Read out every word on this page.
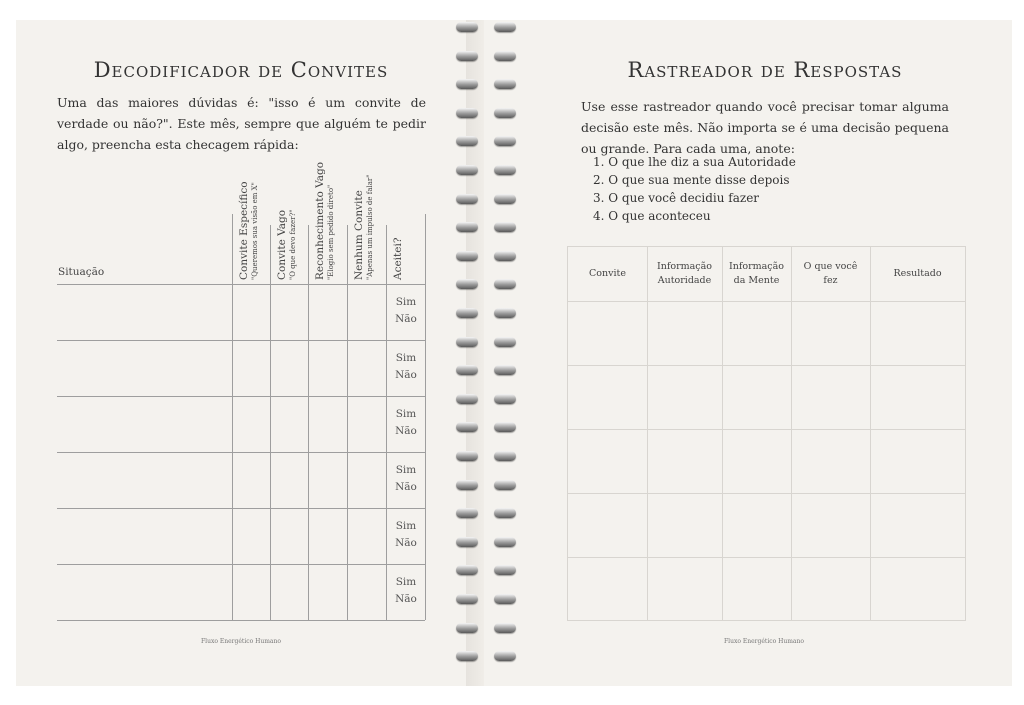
Decodificador de Convites
Uma das maiores dúvidas é: "isso é um convite de verdade ou não?". Este mês, sempre que alguém te pedir algo, preencha esta checagem rápida:
Situação	Convite Específico "Queremos sua visão em X" Convite Vago "O que devo fazer?" Reconhecimento Vago "Elogio sem pedido direto" Nenhum Convite "Apenas um impulso de falar" Aceitei?
Sim
Não
Sim
Não
Sim
Não
Sim
Não
Sim
Não
Sim
Não
Fluxo Energético Humano
Rastreador de Respostas
Use esse rastreador quando você precisar tomar alguma decisão este mês. Não importa se é uma decisão pequena ou grande. Para cada uma, anote:
1. O que lhe diz a sua Autoridade
2. O que sua mente disse depois
3. O que você decidiu fazer
4. O que aconteceu
Convite
Informação Autoridade
Informação da Mente
O que você fez
Resultado
Fluxo Energético Humano
